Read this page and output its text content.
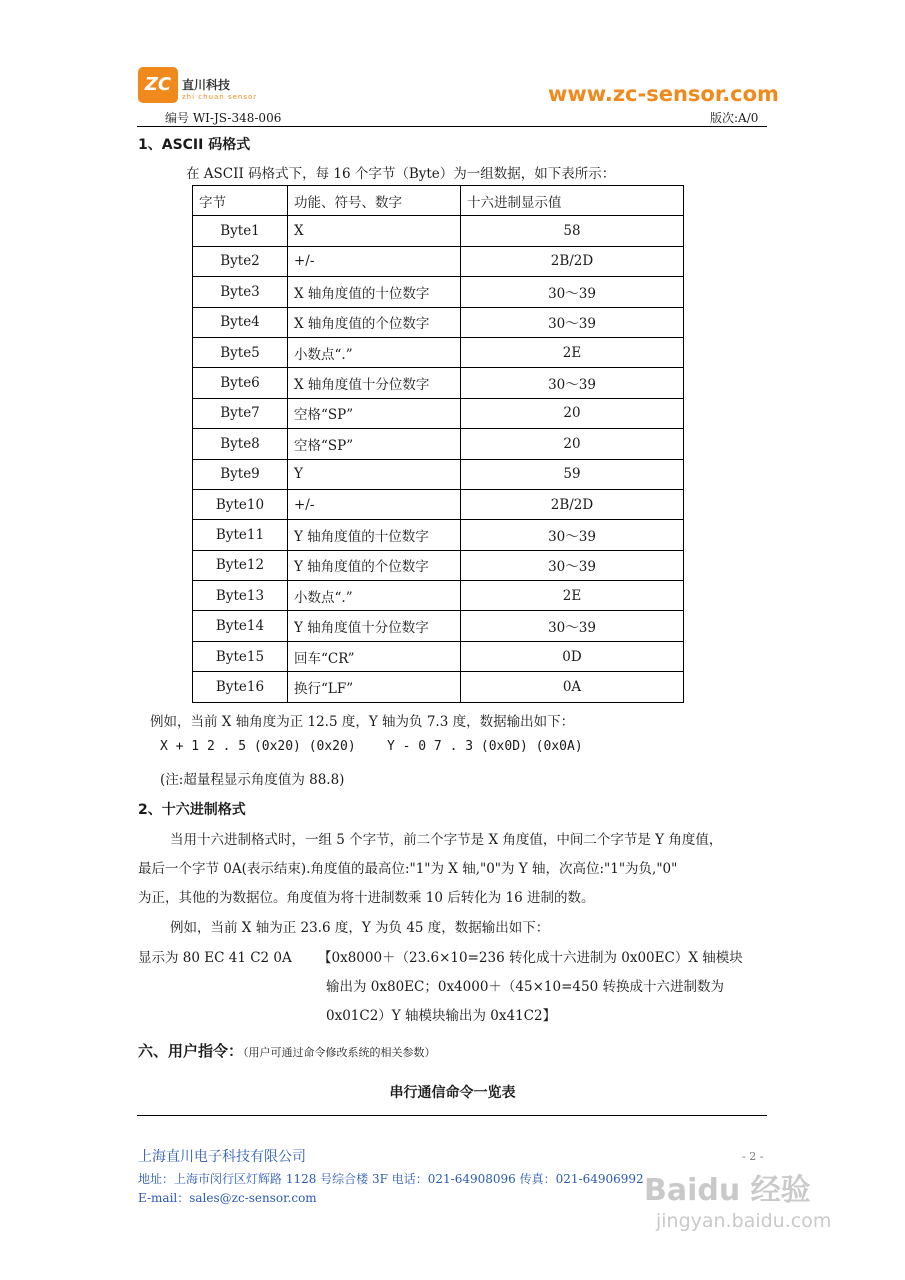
ZC 直川科技
zhi chuan sensor	www.zc-sensor.com
编号 WI-JS-348-006	版次:A/0
1、ASCII 码格式
在 ASCII 码格式下，每 16 个字节（Byte）为一组数据，如下表所示：
字节	功能、符号、数字	十六进制显示值
Byte1	X	58
Byte2	+/-	2B/2D
Byte3	X 轴角度值的十位数字	30～39
Byte4	X 轴角度值的个位数字	30～39
Byte5	小数点“.”	2E
Byte6	X 轴角度值十分位数字	30～39
Byte7	空格“SP”	20
Byte8	空格“SP”	20
Byte9	Y	59
Byte10	+/-	2B/2D
Byte11	Y 轴角度值的十位数字	30～39
Byte12	Y 轴角度值的个位数字	30～39
Byte13	小数点“.”	2E
Byte14	Y 轴角度值十分位数字	30～39
Byte15	回车“CR”	0D
Byte16	换行“LF”	0A
例如，当前 X 轴角度为正 12.5 度，Y 轴为负 7.3 度，数据输出如下：
X + 1 2 . 5 (0x20) (0x20)    Y - 0 7 . 3 (0x0D) (0x0A)
(注:超量程显示角度值为 88.8)
2、十六进制格式
当用十六进制格式时，一组 5 个字节，前二个字节是 X 角度值，中间二个字节是 Y 角度值，
最后一个字节 0A(表示结束).角度值的最高位:"1"为 X 轴,"0"为 Y 轴，次高位:"1"为负,"0"
为正，其他的为数据位。角度值为将十进制数乘 10 后转化为 16 进制的数。
例如，当前 X 轴为正 23.6 度，Y 为负 45 度，数据输出如下：
显示为 80 EC 41 C2 0A 【0x8000＋（23.6×10=236 转化成十六进制为 0x00EC）X 轴模块
输出为 0x80EC；0x4000＋（45×10=450 转换成十六进制数为
0x01C2）Y 轴模块输出为 0x41C2】
六、用户指令：（用户可通过命令修改系统的相关参数）
串行通信命令一览表
上海直川电子科技有限公司	- 2 -
地址：上海市闵行区灯辉路 1128 号综合楼 3F 电话：021-64908096 传真：021-64906992
E-mail：sales@zc-sensor.com	Baidu 经验
jingyan.baidu.com
